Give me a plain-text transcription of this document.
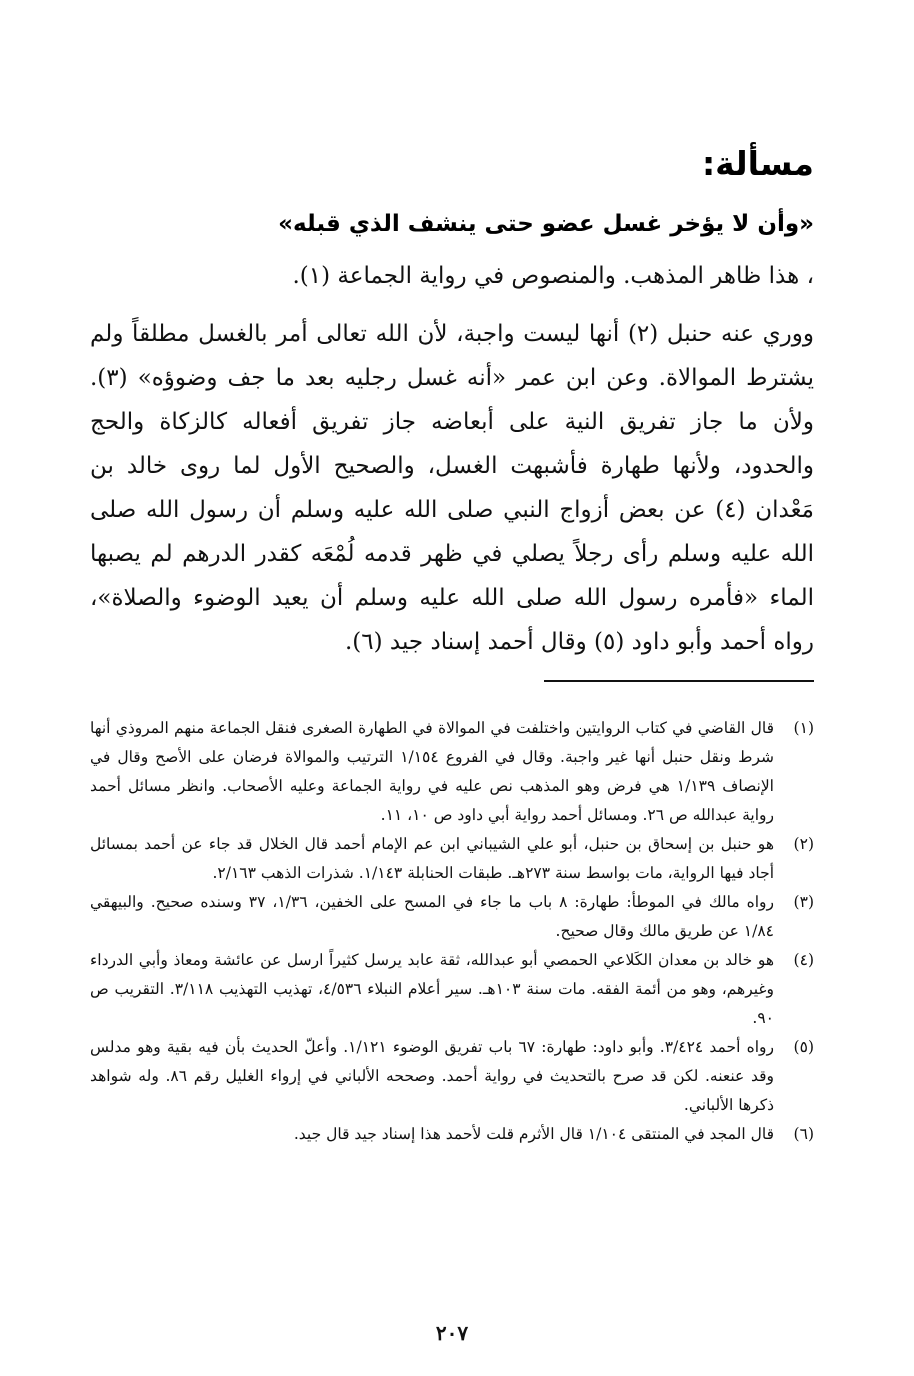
مسألة:
«وأن لا يؤخر غسل عضو حتى ينشف الذي قبله»

، هذا ظاهر المذهب. والمنصوص في رواية الجماعة (١).

ووري عنه حنبل (٢) أنها ليست واجبة، لأن الله تعالى أمر بالغسل مطلقاً ولم يشترط الموالاة. وعن ابن عمر «أنه غسل رجليه بعد ما جف وضوؤه» (٣). ولأن ما جاز تفريق النية على أبعاضه جاز تفريق أفعاله كالزكاة والحج والحدود، ولأنها طهارة فأشبهت الغسل، والصحيح الأول لما روى خالد بن مَعْدان (٤) عن بعض أزواج النبي صلى الله عليه وسلم أن رسول الله صلى الله عليه وسلم رأى رجلاً يصلي في ظهر قدمه لُمْعَه كقدر الدرهم لم يصبها الماء «فأمره رسول الله صلى الله عليه وسلم أن يعيد الوضوء والصلاة»، رواه أحمد وأبو داود (٥) وقال أحمد إسناد جيد (٦).

(١)
قال القاضي في كتاب الروايتين واختلفت في الموالاة في الطهارة الصغرى فنقل الجماعة منهم المروذي أنها شرط ونقل حنبل أنها غير واجبة. وقال في الفروع ١/١٥٤ الترتيب والموالاة فرضان على الأصح وقال في الإنصاف ١/١٣٩ هي فرض وهو المذهب نص عليه في رواية الجماعة وعليه الأصحاب. وانظر مسائل أحمد رواية عبدالله ص ٢٦. ومسائل أحمد رواية أبي داود ص ١٠، ١١.
(٢)
هو حنبل بن إسحاق بن حنبل، أبو علي الشيباني ابن عم الإمام أحمد قال الخلال قد جاء عن أحمد بمسائل أجاد فيها الرواية، مات بواسط سنة ٢٧٣هـ. طبقات الحنابلة ١/١٤٣. شذرات الذهب ٢/١٦٣.
(٣)
رواه مالك في الموطأ: طهارة: ٨ باب ما جاء في المسح على الخفين، ١/٣٦، ٣٧ وسنده صحيح. والبيهقي ١/٨٤ عن طريق مالك وقال صحيح.
(٤)
هو خالد بن معدان الكَلاعي الحمصي أبو عبدالله، ثقة عابد يرسل كثيراً ارسل عن عائشة ومعاذ وأبي الدرداء وغيرهم، وهو من أئمة الفقه. مات سنة ١٠٣هـ. سير أعلام النبلاء ٤/٥٣٦، تهذيب التهذيب ٣/١١٨. التقريب ص ٩٠.
(٥)
رواه أحمد ٣/٤٢٤. وأبو داود: طهارة: ٦٧ باب تفريق الوضوء ١/١٢١. وأعلّ الحديث بأن فيه بقية وهو مدلس وقد عنعنه. لكن قد صرح بالتحديث في رواية أحمد. وصححه الألباني في إرواء الغليل رقم ٨٦. وله شواهد ذكرها الألباني.
(٦)
قال المجد في المنتقى ١/١٠٤ قال الأثرم قلت لأحمد هذا إسناد جيد قال جيد.
٢٠٧
